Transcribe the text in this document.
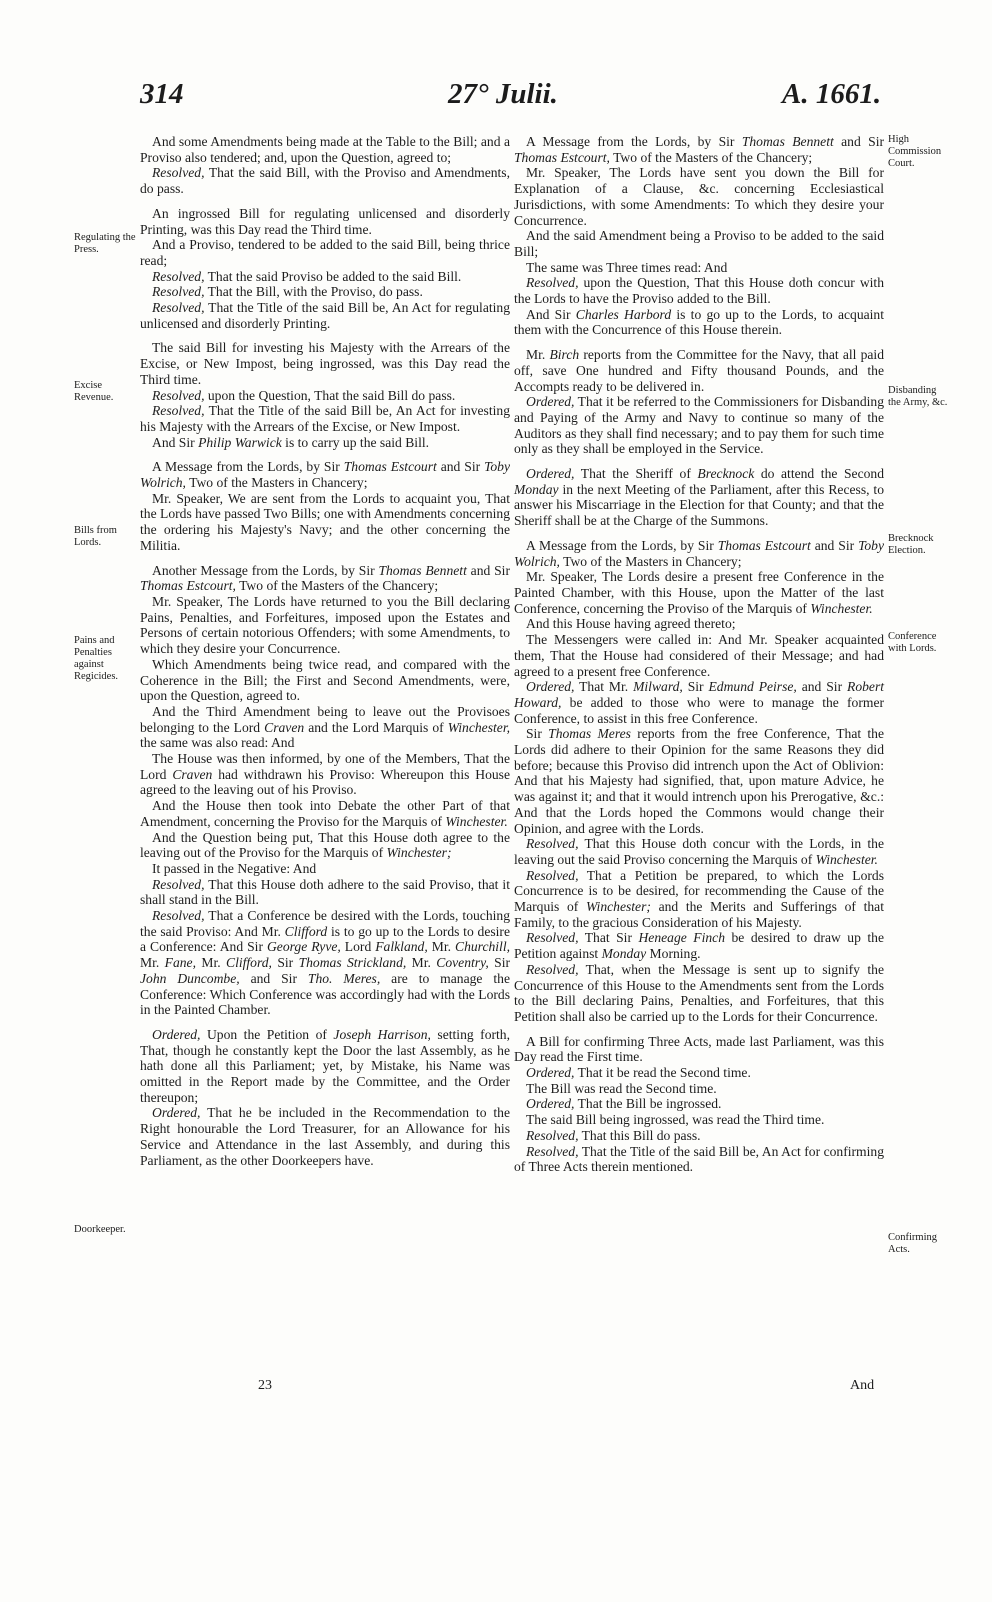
314	27° Julii.	A. 1661.
Regulating the Press.
Excise Revenue.
Bills from Lords.
Pains and Penalties against Regicides.
Doorkeeper.
High Commission Court.
Disbanding the Army, &c.
Brecknock Election.
Conference with Lords.
Confirming Acts.

And some Amendments being made at the Table to the Bill; and a Proviso also tendered; and, upon the Question, agreed to;

Resolved, That the said Bill, with the Proviso and Amendments, do pass.

An ingrossed Bill for regulating unlicensed and disorderly Printing, was this Day read the Third time.

And a Proviso, tendered to be added to the said Bill, being thrice read;

Resolved, That the said Proviso be added to the said Bill.

Resolved, That the Bill, with the Proviso, do pass.

Resolved, That the Title of the said Bill be, An Act for regulating unlicensed and disorderly Printing.

The said Bill for investing his Majesty with the Arrears of the Excise, or New Impost, being ingrossed, was this Day read the Third time.

Resolved, upon the Question, That the said Bill do pass.

Resolved, That the Title of the said Bill be, An Act for investing his Majesty with the Arrears of the Excise, or New Impost.

And Sir Philip Warwick is to carry up the said Bill.

A Message from the Lords, by Sir Thomas Estcourt and Sir Toby Wolrich, Two of the Masters in Chancery;

Mr. Speaker, We are sent from the Lords to acquaint you, That the Lords have passed Two Bills; one with Amendments concerning the ordering his Majesty's Navy; and the other concerning the Militia.

Another Message from the Lords, by Sir Thomas Bennett and Sir Thomas Estcourt, Two of the Masters of the Chancery;

Mr. Speaker, The Lords have returned to you the Bill declaring Pains, Penalties, and Forfeitures, imposed upon the Estates and Persons of certain notorious Offenders; with some Amendments, to which they desire your Concurrence.

Which Amendments being twice read, and compared with the Coherence in the Bill; the First and Second Amendments, were, upon the Question, agreed to.

And the Third Amendment being to leave out the Provisoes belonging to the Lord Craven and the Lord Marquis of Winchester, the same was also read: And

The House was then informed, by one of the Members, That the Lord Craven had withdrawn his Proviso: Whereupon this House agreed to the leaving out of his Proviso.

And the House then took into Debate the other Part of that Amendment, concerning the Proviso for the Marquis of Winchester.

And the Question being put, That this House doth agree to the leaving out of the Proviso for the Marquis of Winchester;

It passed in the Negative: And

Resolved, That this House doth adhere to the said Proviso, that it shall stand in the Bill.

Resolved, That a Conference be desired with the Lords, touching the said Proviso: And Mr. Clifford is to go up to the Lords to desire a Conference: And Sir George Ryve, Lord Falkland, Mr. Churchill, Mr. Fane, Mr. Clifford, Sir Thomas Strickland, Mr. Coventry, Sir John Duncombe, and Sir Tho. Meres, are to manage the Conference: Which Conference was accordingly had with the Lords in the Painted Chamber.

Ordered, Upon the Petition of Joseph Harrison, setting forth, That, though he constantly kept the Door the last Assembly, as he hath done all this Parliament; yet, by Mistake, his Name was omitted in the Report made by the Committee, and the Order thereupon;

Ordered, That he be included in the Recommendation to the Right honourable the Lord Treasurer, for an Allowance for his Service and Attendance in the last Assembly, and during this Parliament, as the other Doorkeepers have.

A Message from the Lords, by Sir Thomas Bennett and Sir Thomas Estcourt, Two of the Masters of the Chancery;

Mr. Speaker, The Lords have sent you down the Bill for Explanation of a Clause, &c. concerning Ecclesiastical Jurisdictions, with some Amendments: To which they desire your Concurrence.

And the said Amendment being a Proviso to be added to the said Bill;

The same was Three times read: And

Resolved, upon the Question, That this House doth concur with the Lords to have the Proviso added to the Bill.

And Sir Charles Harbord is to go up to the Lords, to acquaint them with the Concurrence of this House therein.

Mr. Birch reports from the Committee for the Navy, that all paid off, save One hundred and Fifty thousand Pounds, and the Accompts ready to be delivered in.

Ordered, That it be referred to the Commissioners for Disbanding and Paying of the Army and Navy to continue so many of the Auditors as they shall find necessary; and to pay them for such time only as they shall be employed in the Service.

Ordered, That the Sheriff of Brecknock do attend the Second Monday in the next Meeting of the Parliament, after this Recess, to answer his Miscarriage in the Election for that County; and that the Sheriff shall be at the Charge of the Summons.

A Message from the Lords, by Sir Thomas Estcourt and Sir Toby Wolrich, Two of the Masters in Chancery;

Mr. Speaker, The Lords desire a present free Conference in the Painted Chamber, with this House, upon the Matter of the last Conference, concerning the Proviso of the Marquis of Winchester.

And this House having agreed thereto;

The Messengers were called in: And Mr. Speaker acquainted them, That the House had considered of their Message; and had agreed to a present free Conference.

Ordered, That Mr. Milward, Sir Edmund Peirse, and Sir Robert Howard, be added to those who were to manage the former Conference, to assist in this free Conference.

Sir Thomas Meres reports from the free Conference, That the Lords did adhere to their Opinion for the same Reasons they did before; because this Proviso did intrench upon the Act of Oblivion: And that his Majesty had signified, that, upon mature Advice, he was against it; and that it would intrench upon his Prerogative, &c.: And that the Lords hoped the Commons would change their Opinion, and agree with the Lords.

Resolved, That this House doth concur with the Lords, in the leaving out the said Proviso concerning the Marquis of Winchester.

Resolved, That a Petition be prepared, to which the Lords Concurrence is to be desired, for recommending the Cause of the Marquis of Winchester; and the Merits and Sufferings of that Family, to the gracious Consideration of his Majesty.

Resolved, That Sir Heneage Finch be desired to draw up the Petition against Monday Morning.

Resolved, That, when the Message is sent up to signify the Concurrence of this House to the Amendments sent from the Lords to the Bill declaring Pains, Penalties, and Forfeitures, that this Petition shall also be carried up to the Lords for their Concurrence.

A Bill for confirming Three Acts, made last Parliament, was this Day read the First time.

Ordered, That it be read the Second time.

The Bill was read the Second time.

Ordered, That the Bill be ingrossed.

The said Bill being ingrossed, was read the Third time.

Resolved, That this Bill do pass.

Resolved, That the Title of the said Bill be, An Act for confirming of Three Acts therein mentioned.

23	And
